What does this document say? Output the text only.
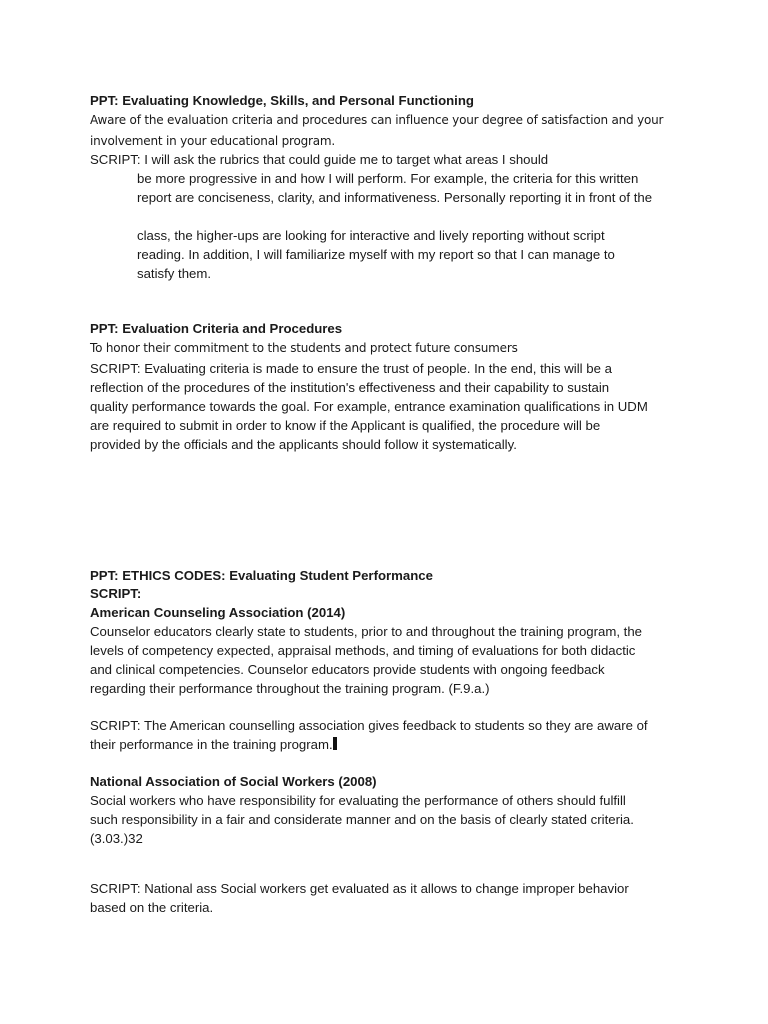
PPT: Evaluating Knowledge, Skills, and Personal Functioning
Aware of the evaluation criteria and procedures can influence your degree of satisfaction and your
involvement in your educational program.
SCRIPT: I will ask the rubrics that could guide me to target what areas I should
be more progressive in and how I will perform. For example, the criteria for this written
report are conciseness, clarity, and informativeness. Personally reporting it in front of the
class, the higher-ups are looking for interactive and lively reporting without script
reading. In addition, I will familiarize myself with my report so that I can manage to
satisfy them.
PPT: Evaluation Criteria and Procedures
To honor their commitment to the students and protect future consumers
SCRIPT: Evaluating criteria is made to ensure the trust of people. In the end, this will be a
reflection of the procedures of the institution's effectiveness and their capability to sustain
quality performance towards the goal. For example, entrance examination qualifications in UDM
are required to submit in order to know if the Applicant is qualified, the procedure will be
provided by the officials and the applicants should follow it systematically.
PPT: ETHICS CODES: Evaluating Student Performance
SCRIPT:
American Counseling Association (2014)
Counselor educators clearly state to students, prior to and throughout the training program, the
levels of competency expected, appraisal methods, and timing of evaluations for both didactic
and clinical competencies. Counselor educators provide students with ongoing feedback
regarding their performance throughout the training program. (F.9.a.)
SCRIPT: The American counselling association gives feedback to students so they are aware of
their performance in the training program.
National Association of Social Workers (2008)
Social workers who have responsibility for evaluating the performance of others should fulfill
such responsibility in a fair and considerate manner and on the basis of clearly stated criteria.
(3.03.)32
SCRIPT: National ass Social workers get evaluated as it allows to change improper behavior
based on the criteria.
